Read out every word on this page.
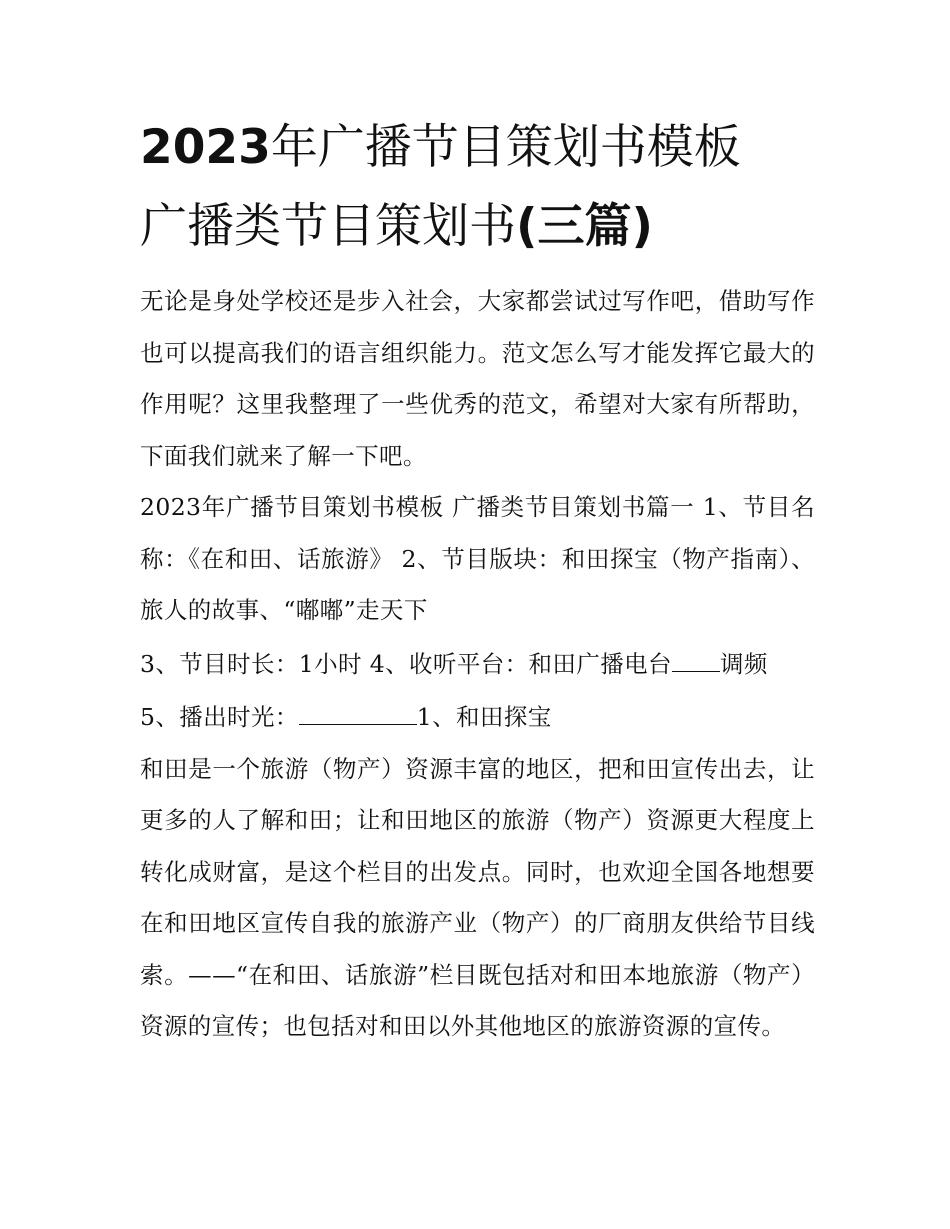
2023年广播节目策划书模板
广播类节目策划书(三篇)

无论是身处学校还是步入社会，大家都尝试过写作吧，借助写作也可以提高我们的语言组织能力。范文怎么写才能发挥它最大的作用呢？这里我整理了一些优秀的范文，希望对大家有所帮助，下面我们就来了解一下吧。

2023年广播节目策划书模板 广播类节目策划书篇一 1、节目名称：《在和田、话旅游》 2、节目版块：和田探宝（物产指南）、旅人的故事、“嘟嘟”走天下

3、节目时长：1小时 4、收听平台：和田广播电台 调频

5、播出时光：	1、和田探宝

和田是一个旅游（物产）资源丰富的地区，把和田宣传出去，让更多的人了解和田；让和田地区的旅游（物产）资源更大程度上转化成财富，是这个栏目的出发点。同时，也欢迎全国各地想要在和田地区宣传自我的旅游产业（物产）的厂商朋友供给节目线索。——“在和田、话旅游”栏目既包括对和田本地旅游（物产）资源的宣传；也包括对和田以外其他地区的旅游资源的宣传。
